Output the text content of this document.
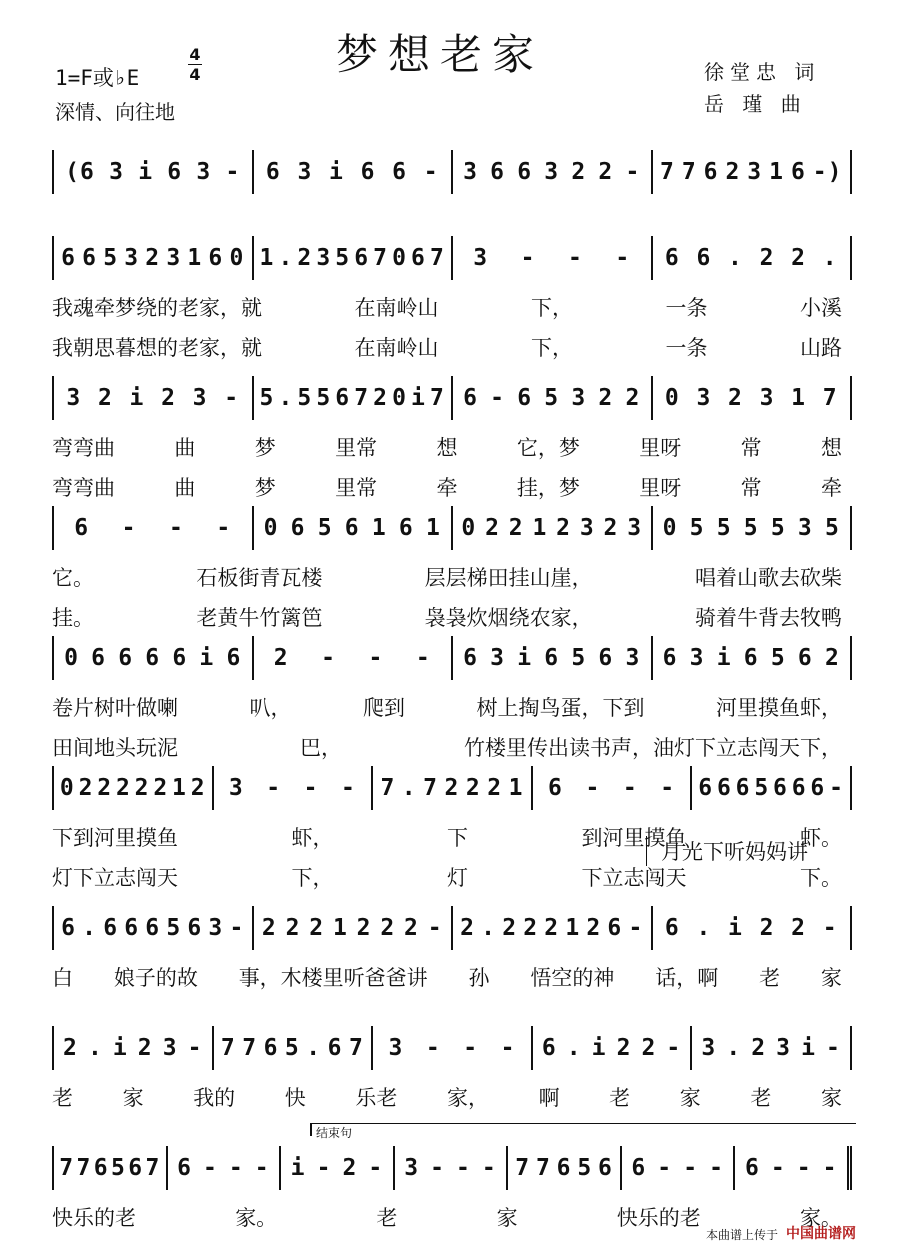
梦想老家
1=F或♭E
4
4
深情、向往地
徐堂忠 词
岳 瑾 曲
(6 3 i 6 3 - 6 3 i 6 6 - 3 6 6 3 2 2 - 7 7 6 2 3 1 6 -)
6 6 5 3 2 3 1 6 0 1 . 2 3 5 6 7 0 6 7 3 - - - 6 6 . 2 2 .
我魂牵梦绕的老家，就	在南岭山	下，	一条	小溪
我朝思暮想的老家，就	在南岭山	下，	一条	山路
3 2 i 2 3 - 5 . 5 5 6 7 2 0 i 7 6 - 6 5 3 2 2 0 3 2 3 1 7
弯弯曲	曲	梦	里常	想	它，梦	里呀	常	想
弯弯曲	曲	梦	里常	牵	挂，梦	里呀	常	牵
6 - - - 0 6 5 6 1 6 1 0 2 2 1 2 3 2 3 0 5 5 5 5 3 5
它。	石板街青瓦楼	层层梯田挂山崖，	唱着山歌去砍柴
挂。	老黄牛竹篱笆	袅袅炊烟绕农家，	骑着牛背去牧鸭
0 6 6 6 6 i 6 2 - - - 6 3 i 6 5 6 3 6 3 i 6 5 6 2
卷片树叶做喇	叭，	爬到	树上掏鸟蛋，下到	河里摸鱼虾，
田间地头玩泥	巴，	竹楼里传出读书声，油灯下立志闯天下，
0 2 2 2 2 2 1 2 3 - - - 7 . 7 2 2 2 1 6 - - - 6 6 6 5 6 6 6 -
下到河里摸鱼	虾，	下	到河里摸鱼	虾。
灯下立志闯天	下，	灯	下立志闯天	下。
月光下听妈妈讲
6 . 6 6 6 5 6 3 - 2 2 2 1 2 2 2 - 2 . 2 2 2 1 2 6 - 6 . i 2 2 -
白 娘子的故 事，木楼里听爸爸讲 孙 悟空的神 话，啊 老 家
2 . i 2 3 - 7 7 6 5 . 6 7 3 - - - 6 . i 2 2 - 3 . 2 3 i -
老 家 我的 快 乐老 家， 啊 老 家 老 家
7 7 6 5 6 7 6 - - - i - 2 - 3 - - - 7 7 6 5 6 6 - - - 6 - - -
快乐的老	家。	老	家	快乐的老	家。
结束句
本曲谱上传于 中国曲谱网
